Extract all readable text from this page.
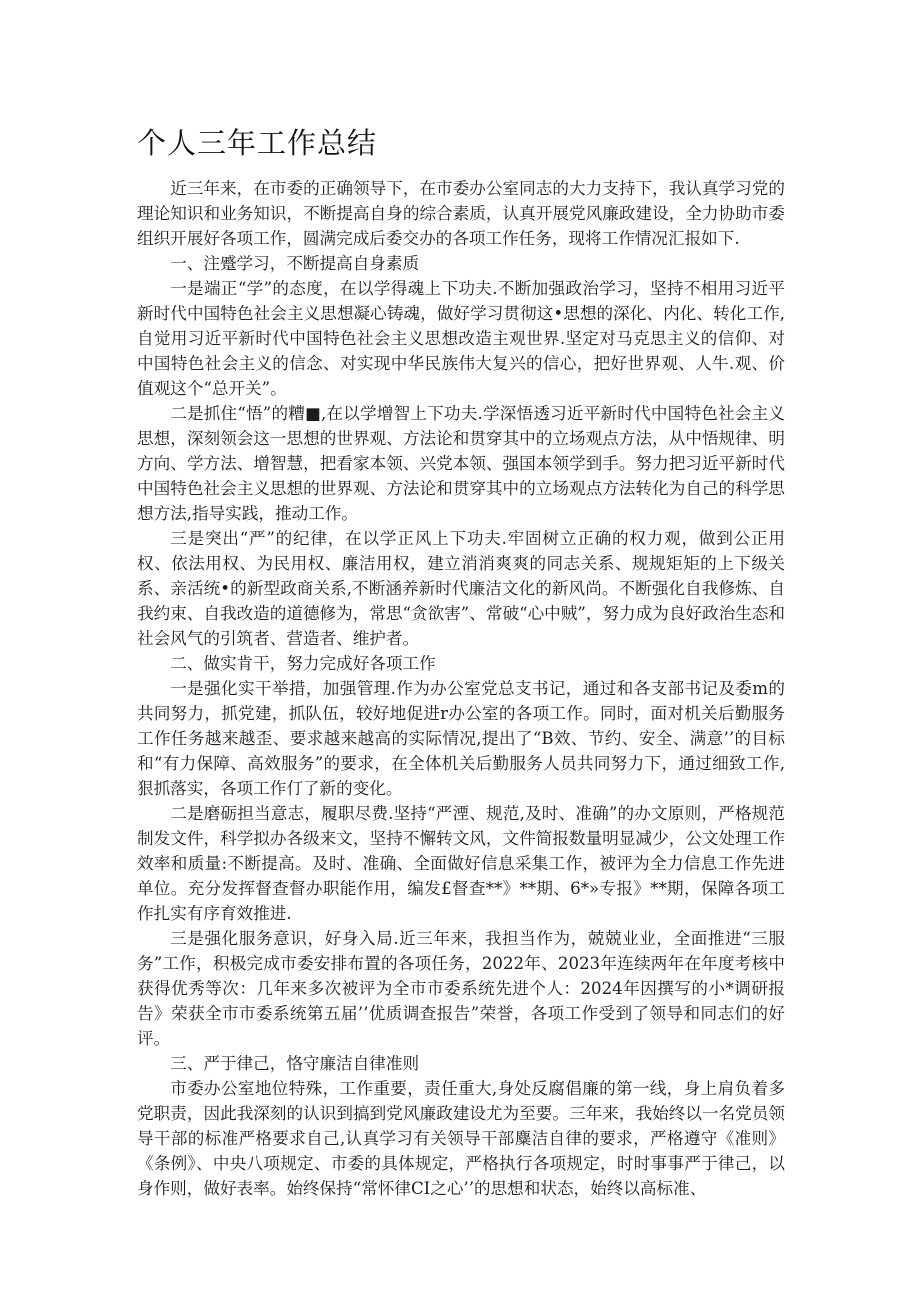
个人三年工作总结

近三年来，在市委的正确领导下，在市委办公室同志的大力支持下，我认真学习党的理论知识和业务知识，不断提高自身的综合素质，认真开展党风廉政建设，全力协助市委组织开展好各项工作，圆满完成后委交办的各项工作任务，现将工作情况汇报如下.

一、注蹙学习，不断提高自身素质

一是端正“学”的态度，在以学得魂上下功夫.不断加强政治学习，坚持不相用习近平新时代中国特色社会主义思想凝心铸魂，做好学习贯彻这•思想的深化、内化、转化工作,自觉用习近平新时代中国特色社会主义思想改造主观世界.坚定对马克思主义的信仰、对中国特色社会主义的信念、对实现中华民族伟大复兴的信心，把好世界观、人牛.观、价值观这个“总开关”。

二是抓住“悟”的糟■,在以学增智上下功夫.学深悟透习近平新时代中国特色社会主义思想，深刻领会这一思想的世界观、方法论和贯穿其中的立场观点方法，从中悟规律、明方向、学方法、增智慧，把看家本领、兴党本领、强国本领学到手。努力把习近平新时代中国特色社会主义思想的世界观、方法论和贯穿其中的立场观点方法转化为自己的科学思想方法,指导实践，推动工作。

三是突出“严”的纪律，在以学正风上下功夫.牢固树立正确的权力观，做到公正用权、依法用权、为民用权、廉洁用权，建立消消爽爽的同志关系、规规矩矩的上下级关系、亲活统•的新型政商关系,不断涵养新时代廉洁文化的新风尚。不断强化自我修炼、自我约束、自我改造的道德修为，常思“贪欲害”、常破“心中贼”，努力成为良好政治生态和社会风气的引筑者、营造者、维护者。

二、做实肯干，努力完成好各项工作

一是强化实干举措，加强管理.作为办公室党总支书记，通过和各支部书记及委m的共同努力，抓党建，抓队伍，较好地促进r办公室的各项工作。同时，面对机关后勤服务工作任务越来越歪、要求越来越高的实际情况,提出了“B效、节约、安全、满意’’的目标和“有力保障、高效服务”的要求，在全体机关后勤服务人员共同努力下，通过细致工作,狠抓落实，各项工作仃了新的变化。

二是磨砺担当意志，履职尽费.坚持“严湮、规范,及时、准确”的办文原则，严格规范制发文件，科学拟办各级来文，坚持不懈转文风，文件简报数量明显减少，公文处理工作效率和质量:不断提高。及时、准确、全面做好信息采集工作，被评为全力信息工作先进单位。充分发挥督查督办职能作用，编发£督查**》**期、6*»专报》**期，保障各项工作扎实有序育效推进.

三是强化服务意识，好身入局.近三年来，我担当作为，兢兢业业，全面推进“三服务”工作，积极完成市委安排布置的各项任务，2022年、2023年连续两年在年度考核中获得优秀等次：几年来多次被评为全市市委系统先进个人：2024年因撰写的小*调研报告》荣获全市市委系统第五届’’优质调查报告”荣誉，各项工作受到了领导和同志们的好评。

三、严于律己，恪守廉洁自律准则

市委办公室地位特殊，工作重要，责任重大,身处反腐倡廉的第一线，身上肩负着多党职责，因此我深刻的认识到搞到党风廉政建设尤为至要。三年来，我始终以一名党员领导干部的标准严格要求自己,认真学习有关领导干部麋洁自律的要求，严格遵守《准则》《条例》、中央八项规定、市委的具体规定，严格执行各项规定，时时事事严于律己，以身作则，做好表率。始终保持“常怀律CI之心’’的思想和状态，始终以高标准、
